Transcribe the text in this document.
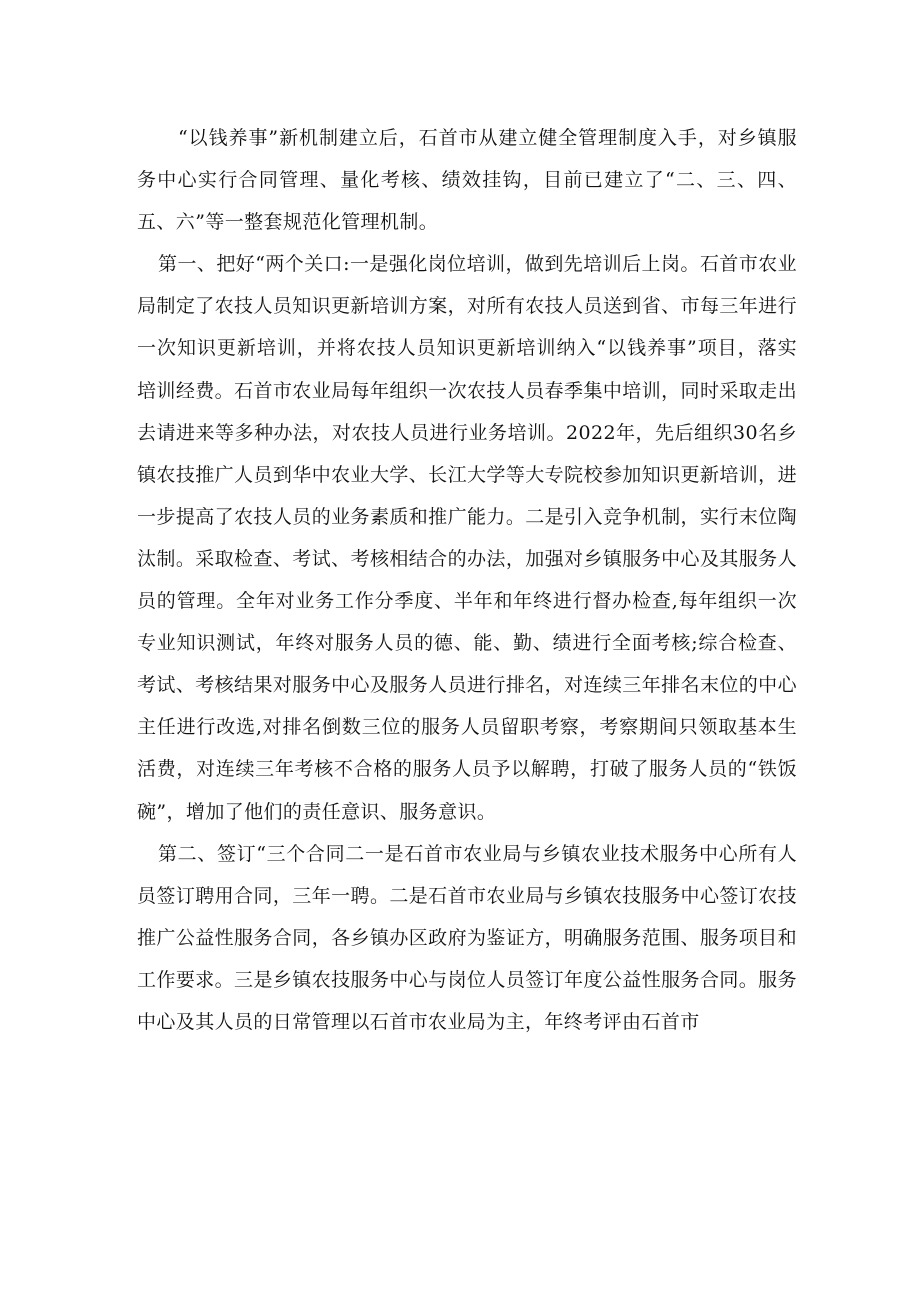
“以钱养事”新机制建立后，石首市从建立健全管理制度入手，对乡镇服务中心实行合同管理、量化考核、绩效挂钩，目前已建立了“二、三、四、五、六”等一整套规范化管理机制。

第一、把好“两个关口:一是强化岗位培训，做到先培训后上岗。石首市农业局制定了农技人员知识更新培训方案，对所有农技人员送到省、市每三年进行一次知识更新培训，并将农技人员知识更新培训纳入“以钱养事”项目，落实培训经费。石首市农业局每年组织一次农技人员春季集中培训，同时采取走出去请进来等多种办法，对农技人员进行业务培训。2022年，先后组织30名乡镇农技推广人员到华中农业大学、长江大学等大专院校参加知识更新培训，进一步提高了农技人员的业务素质和推广能力。二是引入竞争机制，实行末位陶汰制。采取检查、考试、考核相结合的办法，加强对乡镇服务中心及其服务人员的管理。全年对业务工作分季度、半年和年终进行督办检查,每年组织一次专业知识测试，年终对服务人员的德、能、勤、绩进行全面考核;综合检查、考试、考核结果对服务中心及服务人员进行排名，对连续三年排名末位的中心主任进行改选,对排名倒数三位的服务人员留职考察，考察期间只领取基本生活费，对连续三年考核不合格的服务人员予以解聘，打破了服务人员的“铁饭碗”，增加了他们的责任意识、服务意识。

第二、签订“三个合同二一是石首市农业局与乡镇农业技术服务中心所有人员签订聘用合同，三年一聘。二是石首市农业局与乡镇农技服务中心签订农技推广公益性服务合同，各乡镇办区政府为鉴证方，明确服务范围、服务项目和工作要求。三是乡镇农技服务中心与岗位人员签订年度公益性服务合同。服务中心及其人员的日常管理以石首市农业局为主，年终考评由石首市
